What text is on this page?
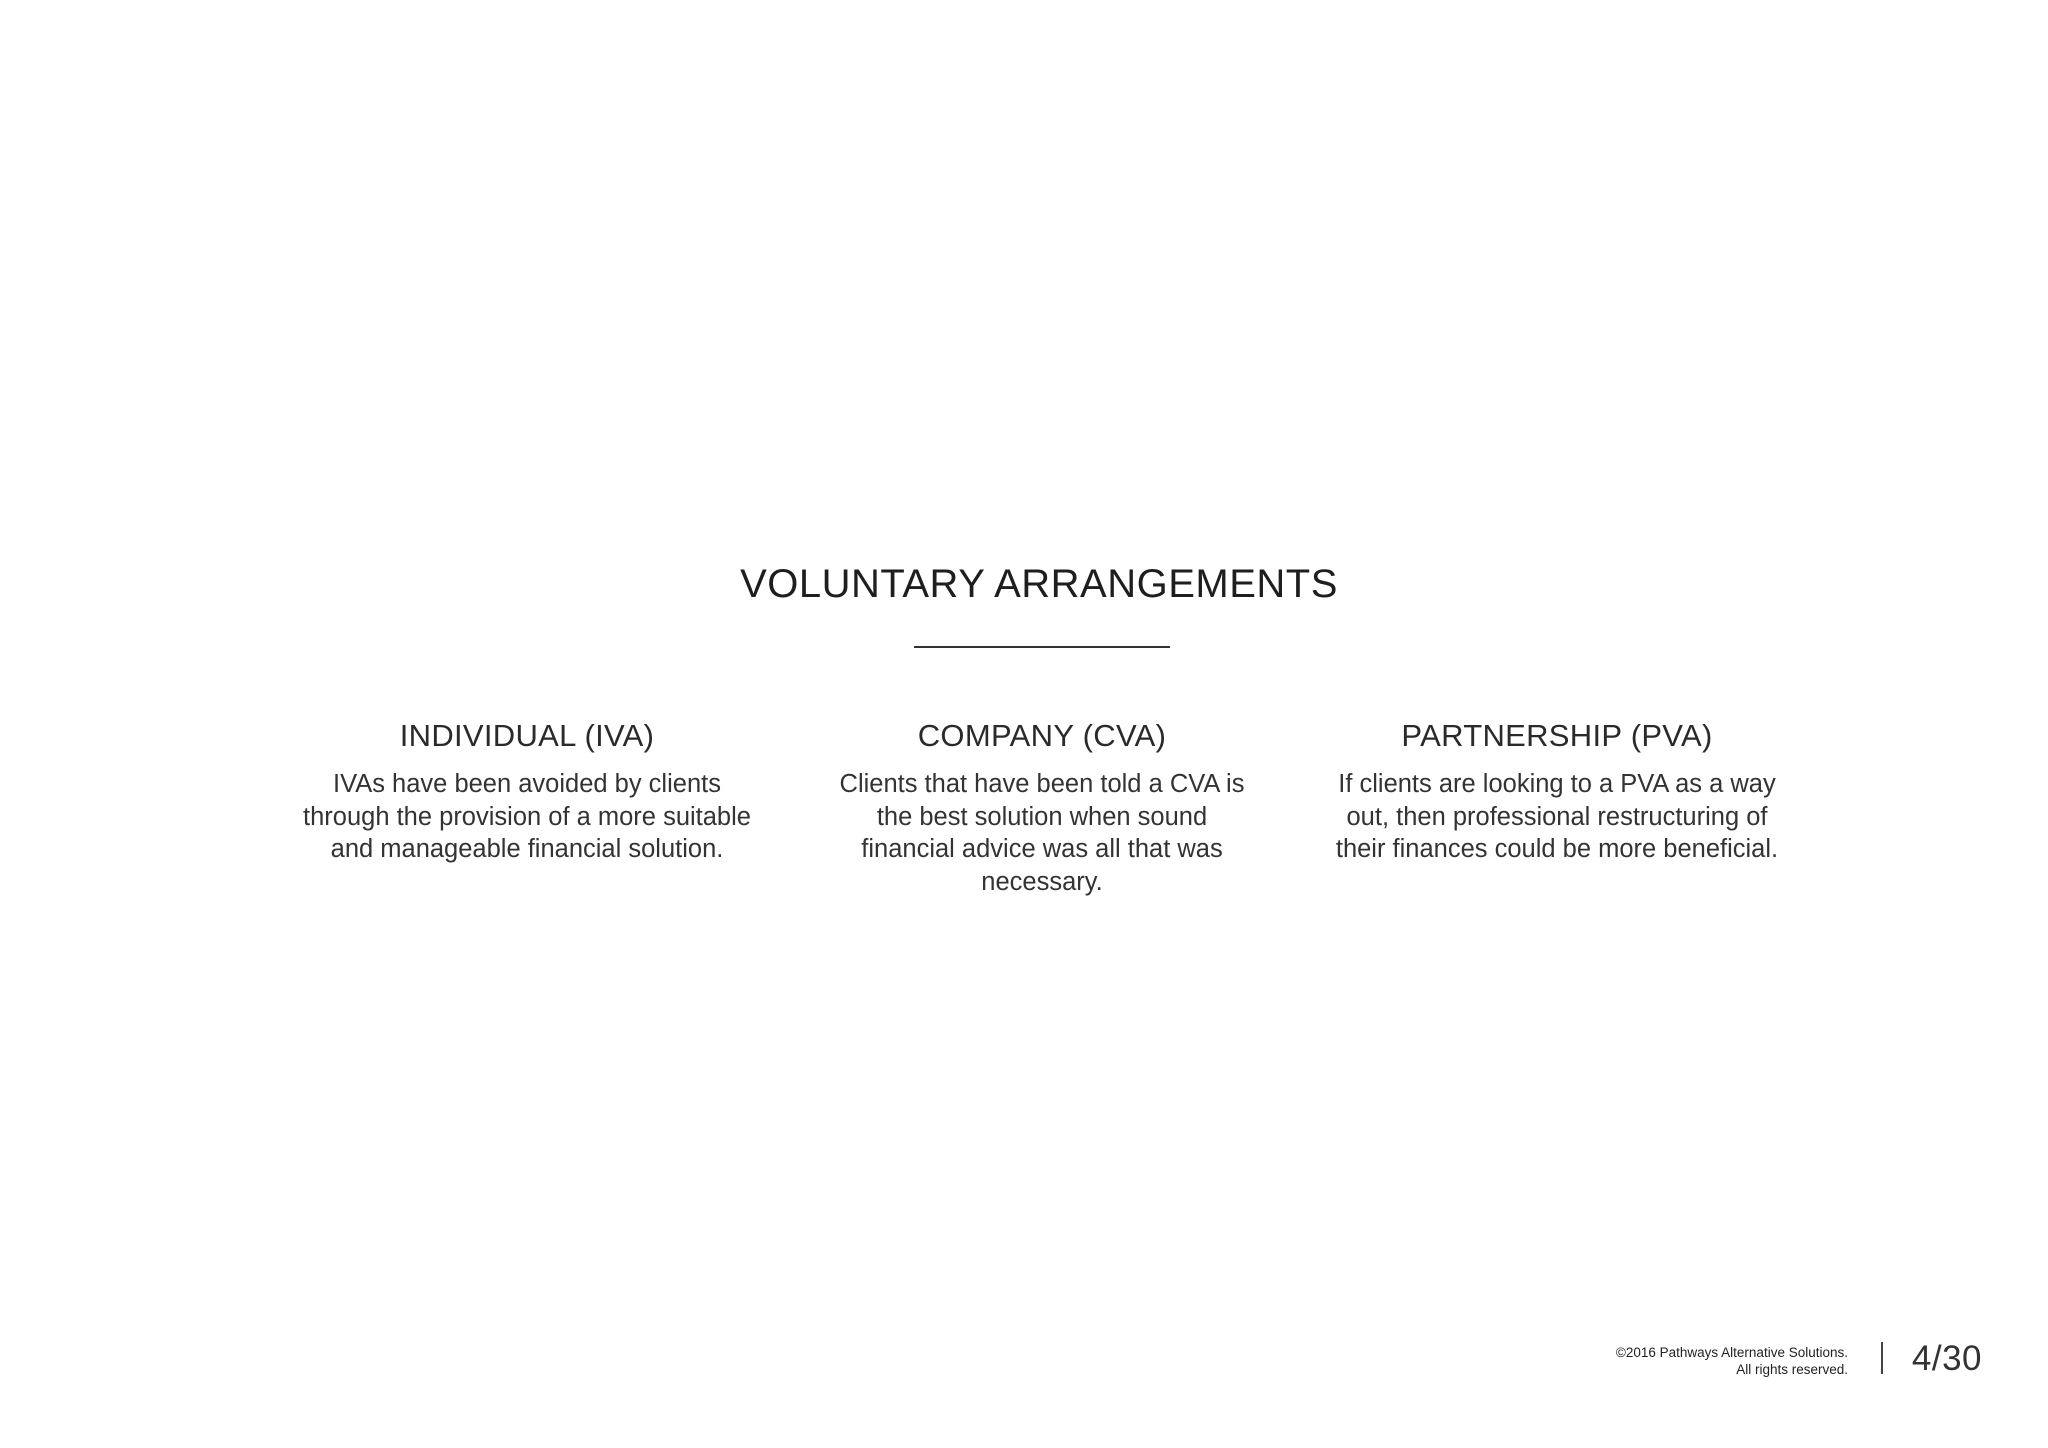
VOLUNTARY ARRANGEMENTS
INDIVIDUAL (IVA)

IVAs have been avoided by clients through the provision of a more suitable and manageable financial solution.

COMPANY (CVA)

Clients that have been told a CVA is the best solution when sound financial advice was all that was necessary.

PARTNERSHIP (PVA)

If clients are looking to a PVA as a way out, then professional restructuring of their finances could be more beneficial.

©2016 Pathways Alternative Solutions.
All rights reserved. 4/30
